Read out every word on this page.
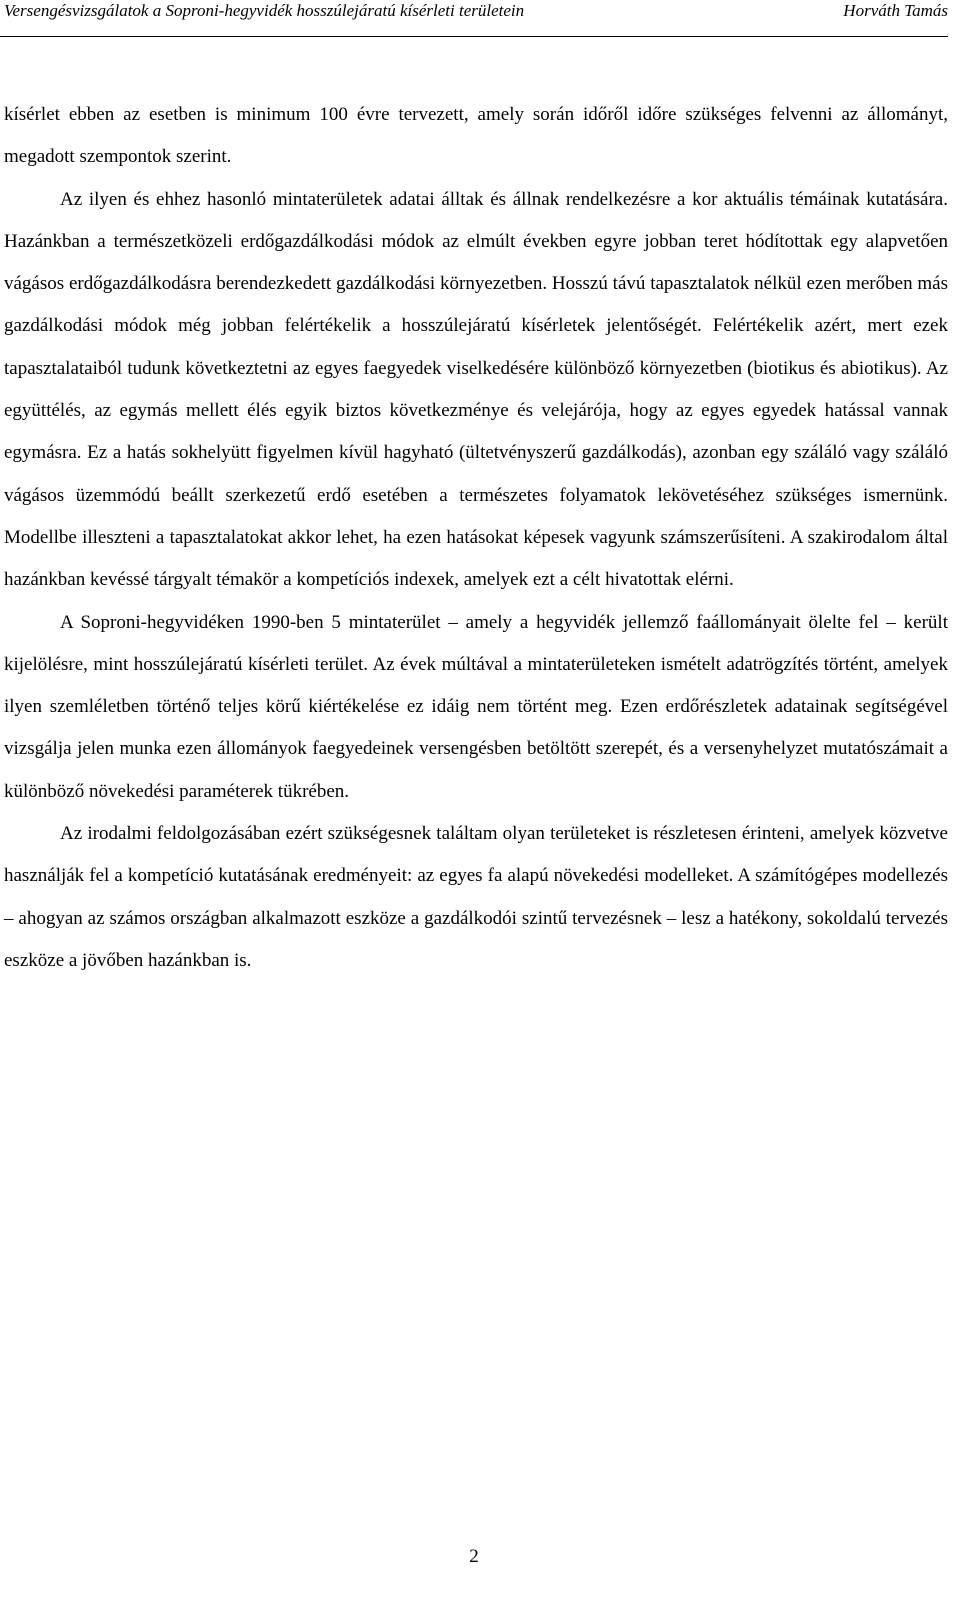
Versengésvizsgálatok a Soproni-hegyvidék hosszúlejáratú kísérleti területein	Horváth Tamás

kísérlet ebben az esetben is minimum 100 évre tervezett, amely során időről időre szükséges felvenni az állományt, megadott szempontok szerint.

Az ilyen és ehhez hasonló mintaterületek adatai álltak és állnak rendelkezésre a kor aktuális témáinak kutatására. Hazánkban a természetközeli erdőgazdálkodási módok az elmúlt években egyre jobban teret hódítottak egy alapvetően vágásos erdőgazdálkodásra berendezkedett gazdálkodási környezetben. Hosszú távú tapasztalatok nélkül ezen merőben más gazdálkodási módok még jobban felértékelik a hosszúlejáratú kísérletek jelentőségét. Felértékelik azért, mert ezek tapasztalataiból tudunk következtetni az egyes faegyedek viselkedésére különböző környezetben (biotikus és abiotikus). Az együttélés, az egymás mellett élés egyik biztos következménye és velejárója, hogy az egyes egyedek hatással vannak egymásra. Ez a hatás sokhelyütt figyelmen kívül hagyható (ültetvényszerű gazdálkodás), azonban egy száláló vagy száláló vágásos üzemmódú beállt szerkezetű erdő esetében a természetes folyamatok lekövetéséhez szükséges ismernünk. Modellbe illeszteni a tapasztalatokat akkor lehet, ha ezen hatásokat képesek vagyunk számszerűsíteni. A szakirodalom által hazánkban kevéssé tárgyalt témakör a kompetíciós indexek, amelyek ezt a célt hivatottak elérni.

A Soproni-hegyvidéken 1990-ben 5 mintaterület – amely a hegyvidék jellemző faállományait ölelte fel – került kijelölésre, mint hosszúlejáratú kísérleti terület. Az évek múltával a mintaterületeken ismételt adatrögzítés történt, amelyek ilyen szemléletben történő teljes körű kiértékelése ez idáig nem történt meg. Ezen erdőrészletek adatainak segítségével vizsgálja jelen munka ezen állományok faegyedeinek versengésben betöltött szerepét, és a versenyhelyzet mutatószámait a különböző növekedési paraméterek tükrében.

Az irodalmi feldolgozásában ezért szükségesnek találtam olyan területeket is részletesen érinteni, amelyek közvetve használják fel a kompetíció kutatásának eredményeit: az egyes fa alapú növekedési modelleket. A számítógépes modellezés – ahogyan az számos országban alkalmazott eszköze a gazdálkodói szintű tervezésnek – lesz a hatékony, sokoldalú tervezés eszköze a jövőben hazánkban is.

2
